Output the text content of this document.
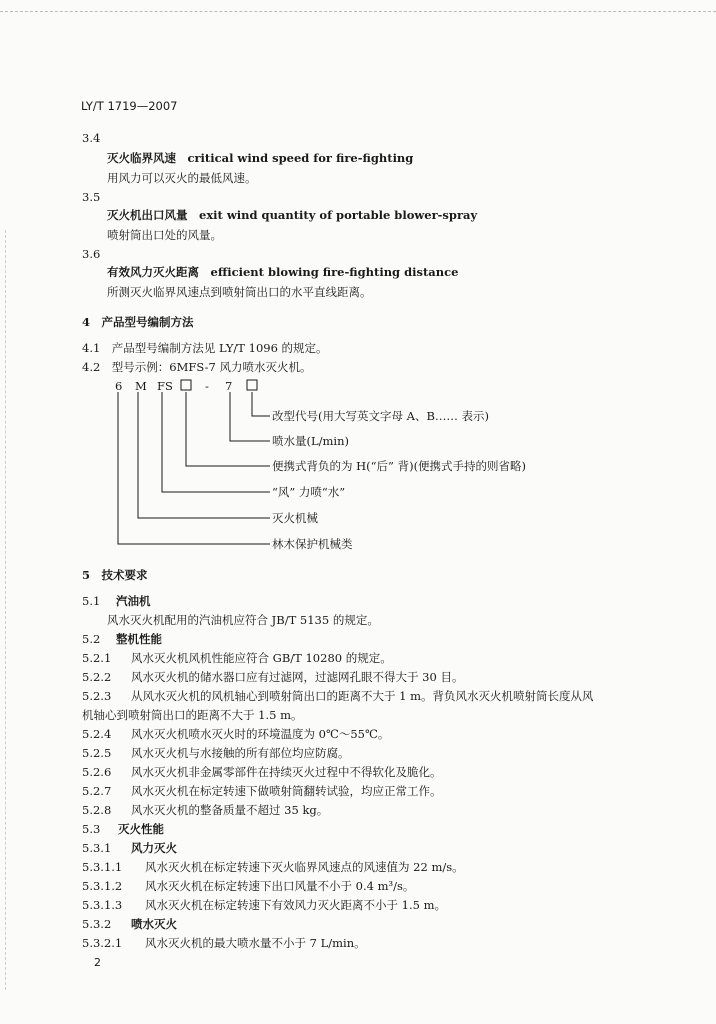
LY/T 1719—2007
3.4
灭火临界风速　critical wind speed for fire-fighting
用风力可以灭火的最低风速。
3.5
灭火机出口风量　exit wind quantity of portable blower-spray
喷射筒出口处的风量。
3.6
有效风力灭火距离　efficient blowing fire-fighting distance
所测灭火临界风速点到喷射筒出口的水平直线距离。
4　产品型号编制方法
4.1　产品型号编制方法见 LY/T 1096 的规定。
4.2　型号示例：6MFS-7 风力喷水灭火机。
6 M FS	- 7
改型代号(用大写英文字母 A、B…… 表示)
喷水量(L/min)
便携式背负的为 H(“后” 背)(便携式手持的则省略)
“风” 力喷“水”
灭火机械
林木保护机械类
5　技术要求
5.1 汽油机
风水灭火机配用的汽油机应符合 JB/T 5135 的规定。
5.2 整机性能
5.2.1 风水灭火机风机性能应符合 GB/T 10280 的规定。
5.2.2 风水灭火机的储水器口应有过滤网，过滤网孔眼不得大于 30 目。
5.2.3 从风水灭火机的风机轴心到喷射筒出口的距离不大于 1 m。背负风水灭火机喷射筒长度从风
机轴心到喷射筒出口的距离不大于 1.5 m。
5.2.4 风水灭火机喷水灭火时的环境温度为 0℃～55℃。
5.2.5 风水灭火机与水接触的所有部位均应防腐。
5.2.6 风水灭火机非金属零部件在持续灭火过程中不得软化及脆化。
5.2.7 风水灭火机在标定转速下做喷射筒翻转试验，均应正常工作。
5.2.8 风水灭火机的整备质量不超过 35 kg。
5.3 灭火性能
5.3.1 风力灭火
5.3.1.1 风水灭火机在标定转速下灭火临界风速点的风速值为 22 m/s。
5.3.1.2 风水灭火机在标定转速下出口风量不小于 0.4 m³/s。
5.3.1.3 风水灭火机在标定转速下有效风力灭火距离不小于 1.5 m。
5.3.2 喷水灭火
5.3.2.1 风水灭火机的最大喷水量不小于 7 L/min。
2
